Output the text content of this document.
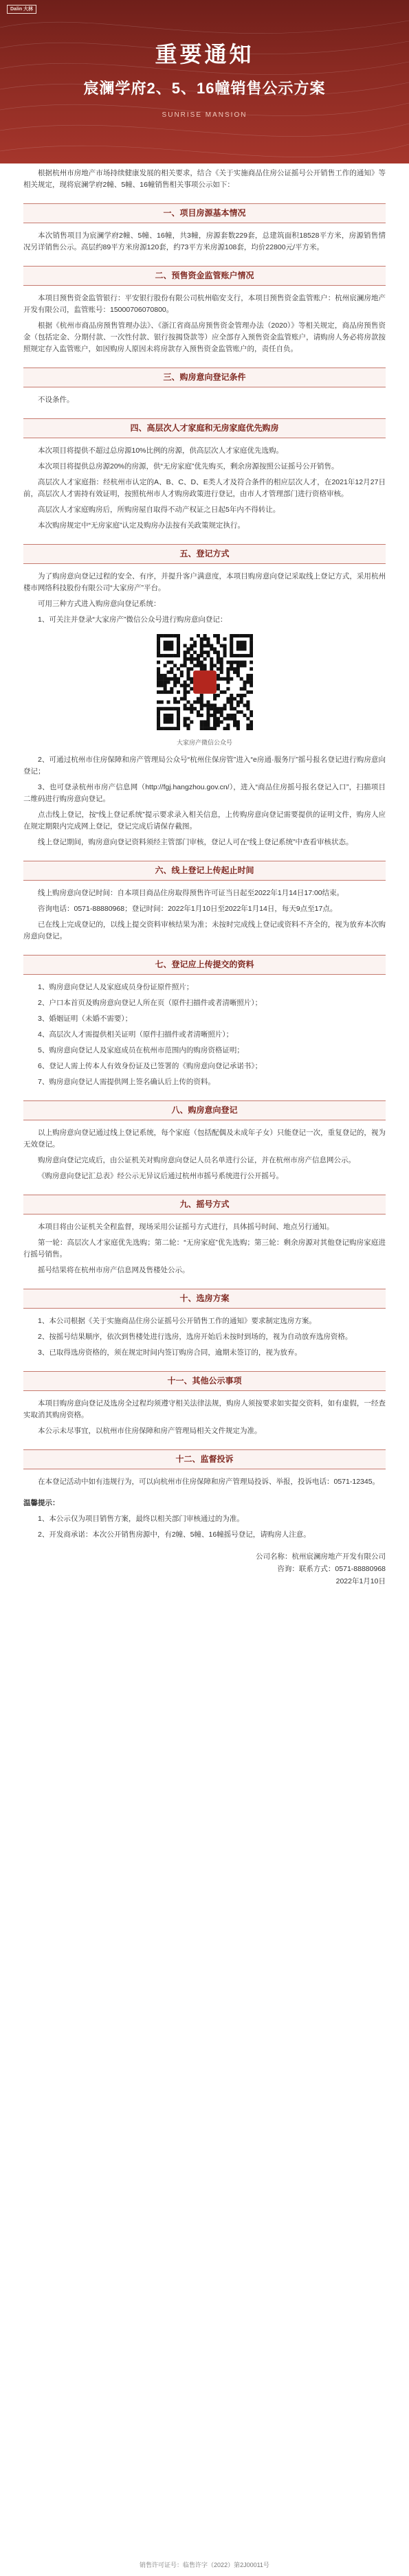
Dalin 大林
重要通知
宸澜学府2、5、16幢销售公示方案
SUNRISE MANSION
根据杭州市房地产市场持续健康发展的相关要求，结合《关于实施商品住房公证摇号公开销售工作的通知》等相关规定，现将宸澜学府2幢、5幢、16幢销售相关事项公示如下：
一、项目房源基本情况
本次销售项目为宸澜学府2幢、5幢、16幢，共3幢，房源套数229套，总建筑面积18528平方米，房源销售情况另详销售公示。高层约89平方米房源120套，约73平方米房源108套，均价22800元/平方米。
二、预售资金监管账户情况
本项目预售资金监管银行：平安银行股份有限公司杭州临安支行，本项目预售资金监管账户：杭州宸澜房地产开发有限公司，监管账号：15000706070800。
根据《杭州市商品房预售管理办法》、《浙江省商品房预售资金管理办法（2020）》等相关规定，商品房预售资金（包括定金、分期付款、一次性付款、银行按揭贷款等）应全部存入预售资金监管账户，请购房人务必将房款按照规定存入监管账户，如因购房人原因未将房款存入预售资金监管账户的，责任自负。
三、购房意向登记条件
不设条件。
四、高层次人才家庭和无房家庭优先购房
本次项目将提供不超过总房源10%比例的房源，供高层次人才家庭优先选购。
本次项目将提供总房源20%的房源，供“无房家庭”优先购买，剩余房源按照公证摇号公开销售。
高层次人才家庭指：经杭州市认定的A、B、C、D、E类人才及符合条件的相应层次人才，在2021年12月27日前，高层次人才需持有效证明，按照杭州市人才购房政策进行登记，由市人才管理部门进行资格审核。
高层次人才家庭购房后，所购房屋自取得不动产权证之日起5年内不得转让。
本次购房规定中“无房家庭”认定及购房办法按有关政策规定执行。
五、登记方式
为了购房意向登记过程的安全、有序，并提升客户满意度，本项目购房意向登记采取线上登记方式，采用杭州楼市网络科技股份有限公司“大家房产”平台。
可用三种方式进入购房意向登记系统：
1、可关注并登录“大家房产”微信公众号进行购房意向登记：
大家房产微信公众号
2、可通过杭州市住房保障和房产管理局公众号“杭州住保房管”进入“e房通·服务厅”摇号报名登记进行购房意向登记；
3、也可登录杭州市房产信息网（http://fgj.hangzhou.gov.cn/），进入“商品住房摇号报名登记入口”，扫描项目二维码进行购房意向登记。
点击线上登记，按“线上登记系统”提示要求录入相关信息，上传购房意向登记需要提供的证明文件，购房人应在规定期限内完成网上登记，登记完成后请保存截图。
线上登记期间，购房意向登记资料须经主管部门审核，登记人可在“线上登记系统”中查看审核状态。
六、线上登记上传起止时间
线上购房意向登记时间：自本项目商品住房取得预售许可证当日起至2022年1月14日17:00结束。
咨询电话：0571-88880968；登记时间：2022年1月10日至2022年1月14日，每天9点至17点。
已在线上完成登记的，以线上提交资料审核结果为准；未按时完成线上登记或资料不齐全的，视为放弃本次购房意向登记。
七、登记应上传提交的资料
1、购房意向登记人及家庭成员身份证原件照片；
2、户口本首页及购房意向登记人所在页（原件扫描件或者清晰照片）；
3、婚姻证明（未婚不需要）；
4、高层次人才需提供相关证明（原件扫描件或者清晰照片）；
5、购房意向登记人及家庭成员在杭州市范围内的购房资格证明；
6、登记人需上传本人有效身份证及已签署的《购房意向登记承诺书》；
7、购房意向登记人需提供网上签名确认后上传的资料。
八、购房意向登记
以上购房意向登记通过线上登记系统，每个家庭（包括配偶及未成年子女）只能登记一次，重复登记的，视为无效登记。
购房意向登记完成后，由公证机关对购房意向登记人员名单进行公证，并在杭州市房产信息网公示。
《购房意向登记汇总表》经公示无异议后通过杭州市摇号系统进行公开摇号。
九、摇号方式
本项目将由公证机关全程监督，现场采用公证摇号方式进行，具体摇号时间、地点另行通知。
第一轮：高层次人才家庭优先选购；第二轮：“无房家庭”优先选购；第三轮：剩余房源对其他登记购房家庭进行摇号销售。
摇号结果将在杭州市房产信息网及售楼处公示。
十、选房方案
1、本公司根据《关于实施商品住房公证摇号公开销售工作的通知》要求制定选房方案。
2、按摇号结果顺序，依次到售楼处进行选房，选房开始后未按时到场的，视为自动放弃选房资格。
3、已取得选房资格的，须在规定时间内签订购房合同，逾期未签订的，视为放弃。
十一、其他公示事项
本项目购房意向登记及选房全过程均须遵守相关法律法规，购房人须按要求如实提交资料，如有虚假，一经查实取消其购房资格。
本公示未尽事宜，以杭州市住房保障和房产管理局相关文件规定为准。
十二、监督投诉
在本登记活动中如有违规行为，可以向杭州市住房保障和房产管理局投诉、举报，投诉电话：0571-12345。
温馨提示：
1、本公示仅为项目销售方案，最终以相关部门审核通过的为准。
2、开发商承诺：本次公开销售房源中，有2幢、5幢、16幢摇号登记，请购房人注意。
公司名称：杭州宸澜房地产开发有限公司
咨询：联系方式：0571-88880968
2022年1月10日
销售许可证号：临售许字（2022）第2J00011号
